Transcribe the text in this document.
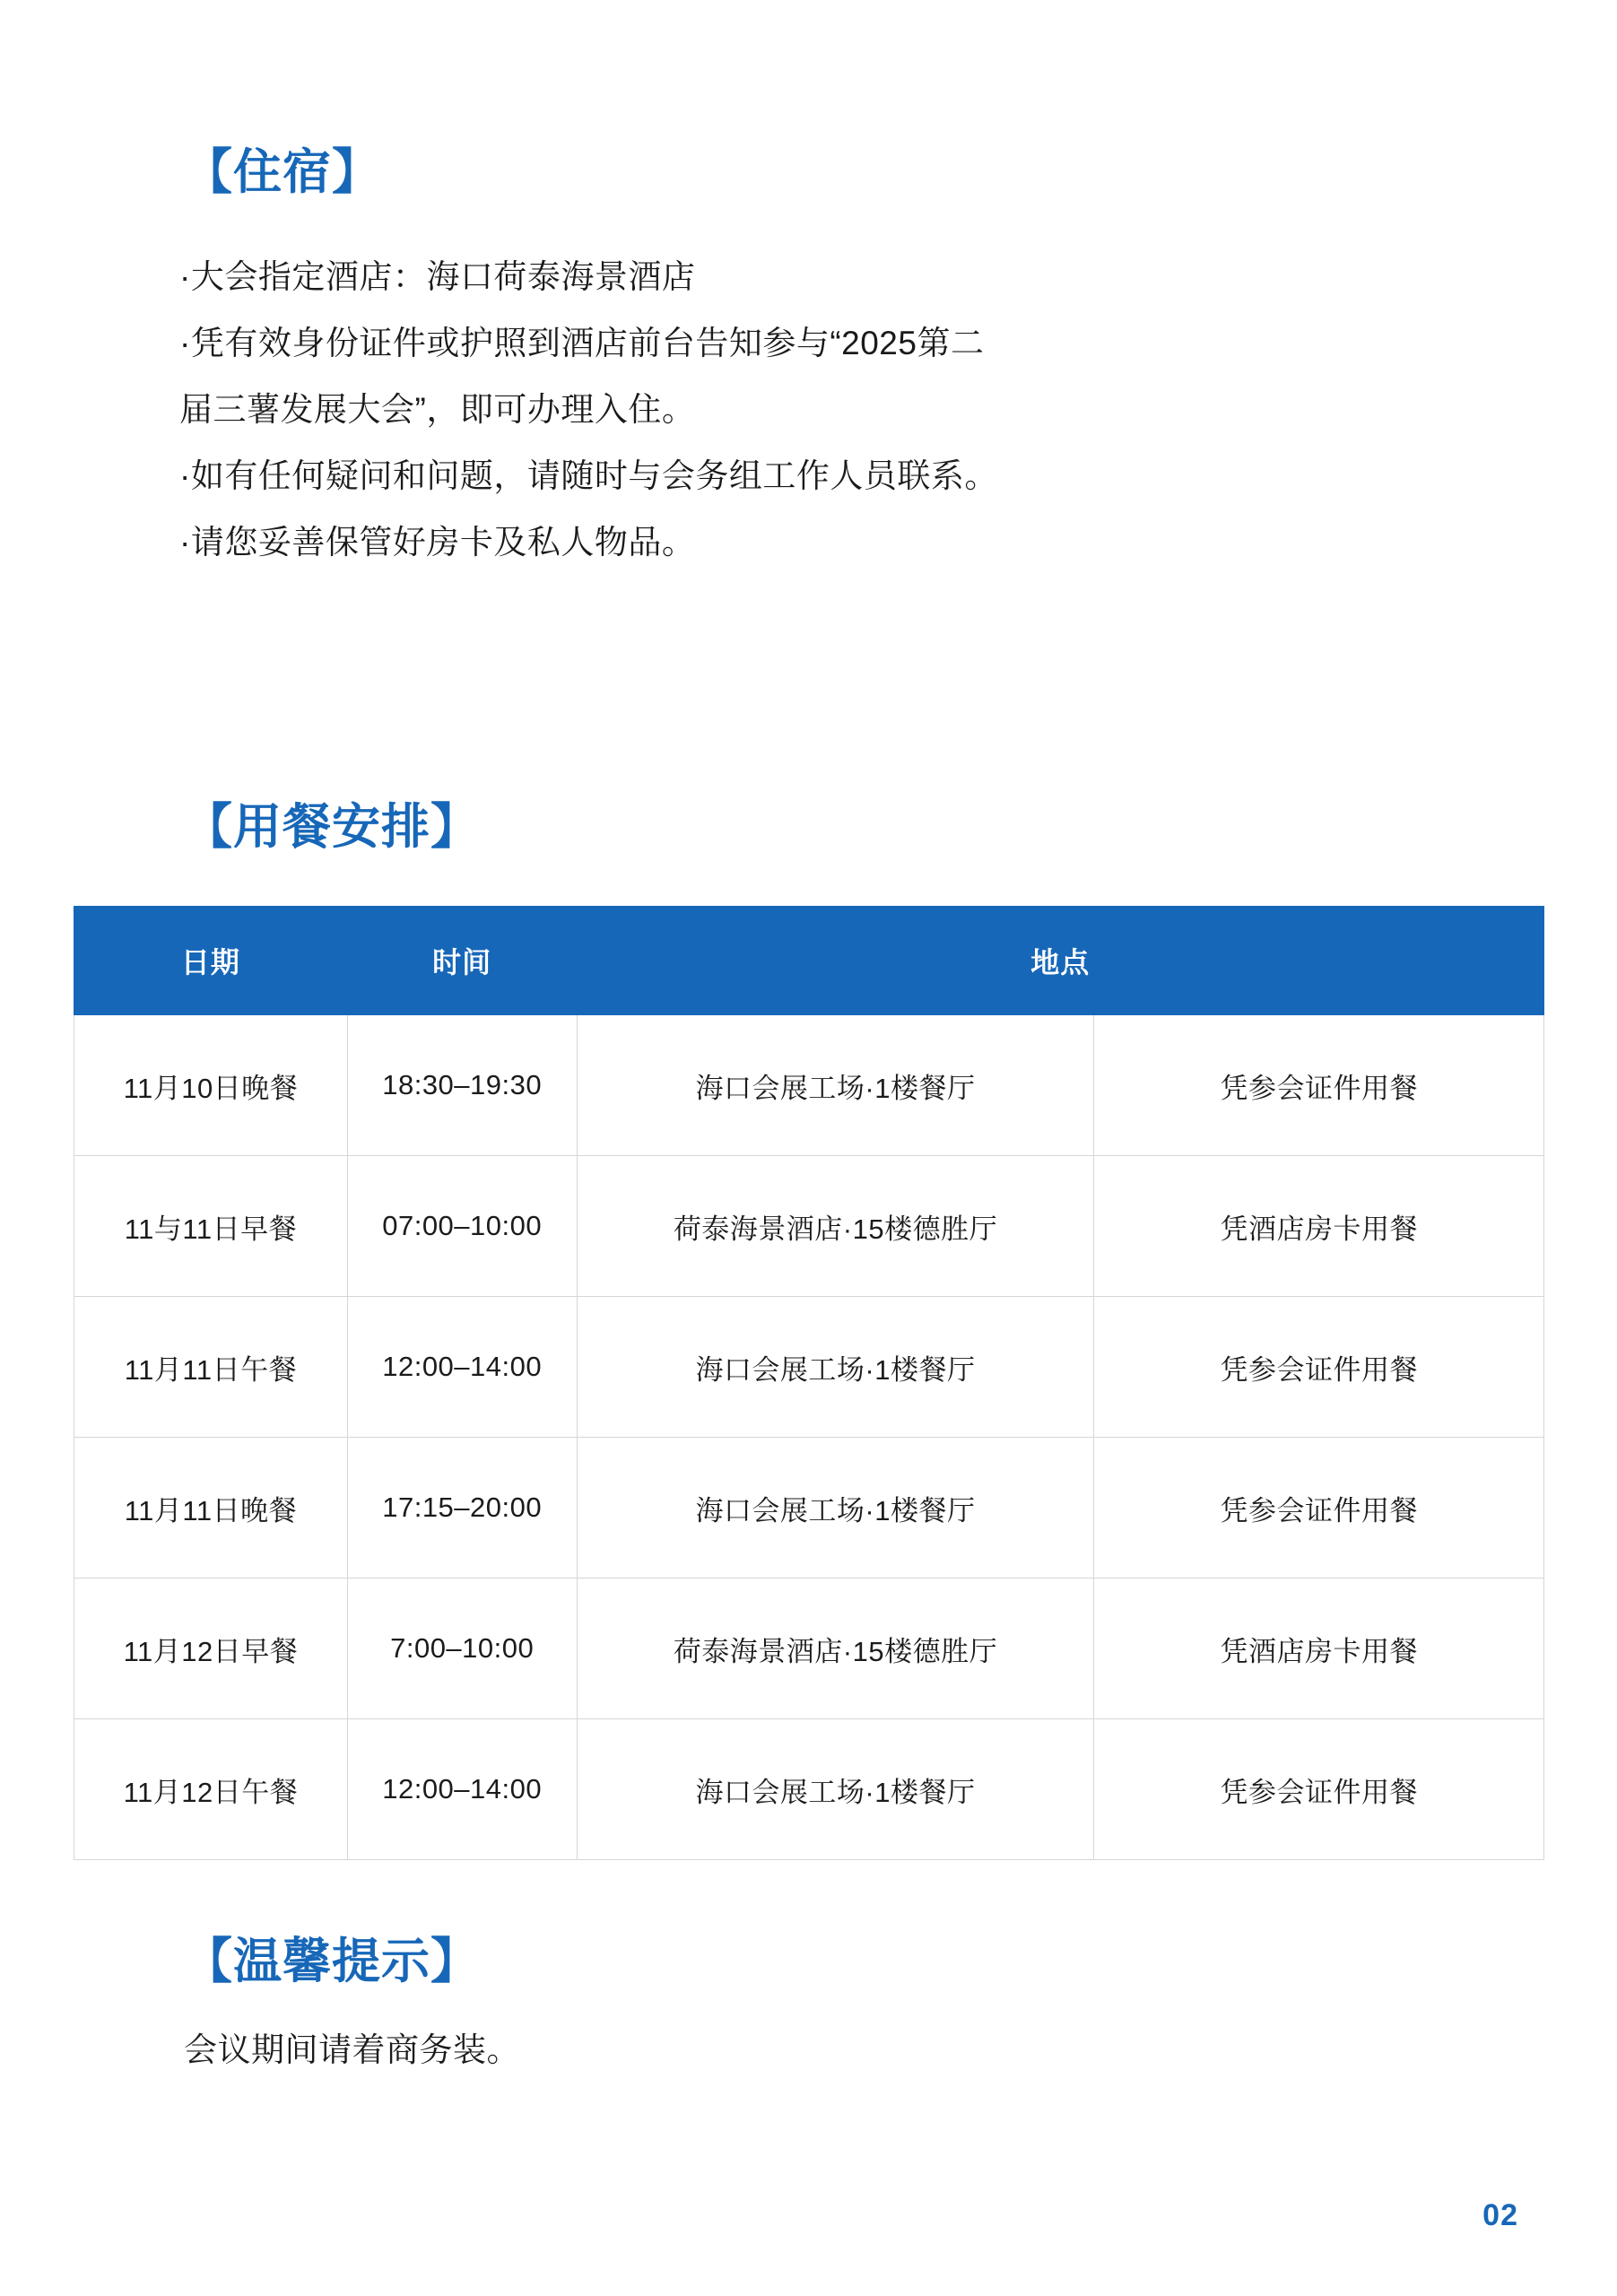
【住宿】
·大会指定酒店：海口荷泰海景酒店
·凭有效身份证件或护照到酒店前台告知参与“2025第二
届三薯发展大会”，即可办理入住。
·如有任何疑问和问题，请随时与会务组工作人员联系。
·请您妥善保管好房卡及私人物品。
【用餐安排】
日期	时间	地点	
11月10日晚餐	18:30–19:30	海口会展工场·1楼餐厅	凭参会证件用餐
11与11日早餐	07:00–10:00	荷泰海景酒店·15楼德胜厅	凭酒店房卡用餐
11月11日午餐	12:00–14:00	海口会展工场·1楼餐厅	凭参会证件用餐
11月11日晚餐	17:15–20:00	海口会展工场·1楼餐厅	凭参会证件用餐
11月12日早餐	7:00–10:00	荷泰海景酒店·15楼德胜厅	凭酒店房卡用餐
11月12日午餐	12:00–14:00	海口会展工场·1楼餐厅	凭参会证件用餐
【温馨提示】
会议期间请着商务装。
02
